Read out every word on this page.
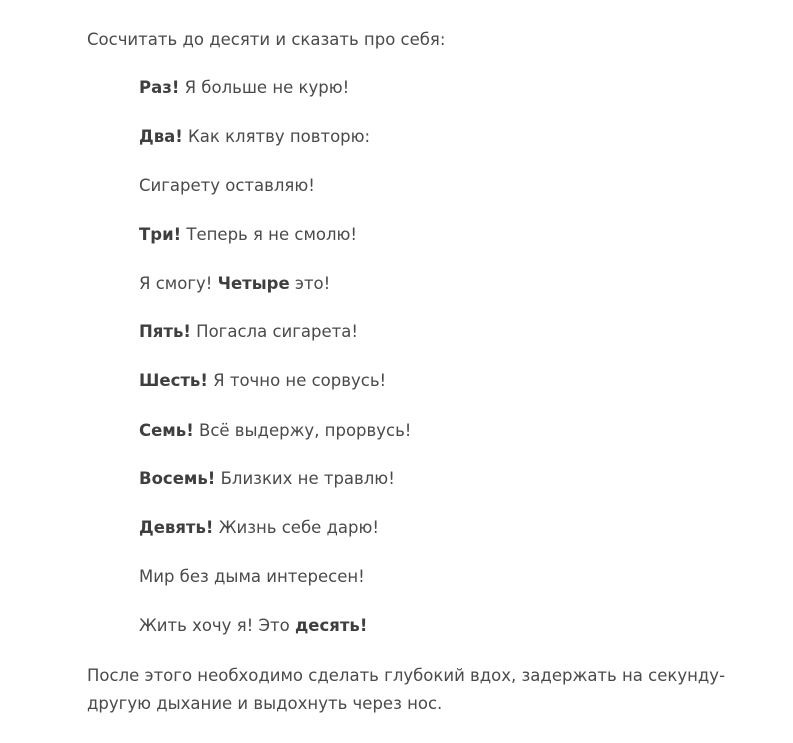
Сосчитать до десяти и сказать про себя:

Раз! Я больше не курю!

Два! Как клятву повторю:

Сигарету оставляю!

Три! Теперь я не смолю!

Я смогу! Четыре это!

Пять! Погасла сигарета!

Шесть! Я точно не сорвусь!

Семь! Всё выдержу, прорвусь!

Восемь! Близких не травлю!

Девять! Жизнь себе дарю!

Мир без дыма интересен!

Жить хочу я! Это десять!

После этого необходимо сделать глубокий вдох, задержать на секунду-другую дыхание и выдохнуть через нос.
